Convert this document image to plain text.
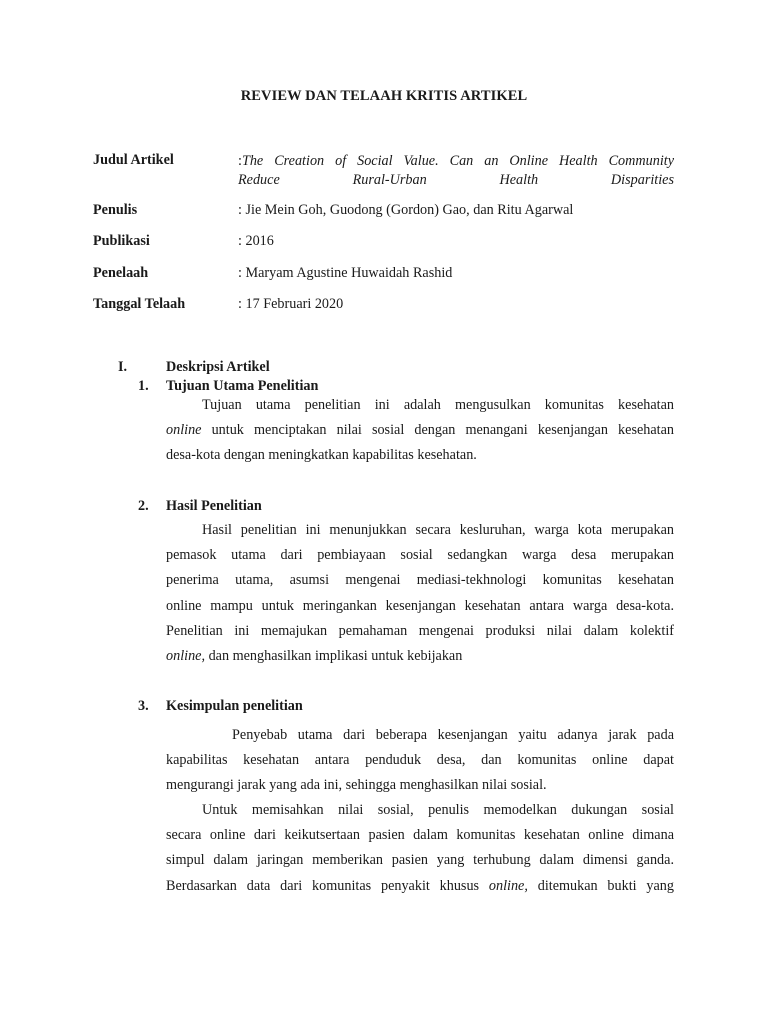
REVIEW DAN TELAAH KRITIS ARTIKEL
Judul Artikel	: The Creation of Social Value. Can an Online Health Community
Reduce Rural-Urban Health Disparities
Penulis	: Jie Mein Goh, Guodong (Gordon) Gao, dan Ritu Agarwal
Publikasi	: 2016
Penelaah	: Maryam Agustine Huwaidah Rashid
Tanggal Telaah	: 17 Februari 2020
I.	Deskripsi Artikel
1. Tujuan Utama Penelitian
Tujuan utama penelitian ini adalah mengusulkan komunitas kesehatan
online untuk menciptakan nilai sosial dengan menangani kesenjangan kesehatan
desa-kota dengan meningkatkan kapabilitas kesehatan.
2. Hasil Penelitian
Hasil penelitian ini menunjukkan secara kesluruhan, warga kota merupakan
pemasok utama dari pembiayaan sosial sedangkan warga desa merupakan
penerima utama, asumsi mengenai mediasi-tekhnologi komunitas kesehatan
online mampu untuk meringankan kesenjangan kesehatan antara warga desa-kota.
Penelitian ini memajukan pemahaman mengenai produksi nilai dalam kolektif
online, dan menghasilkan implikasi untuk kebijakan
3. Kesimpulan penelitian
Penyebab utama dari beberapa kesenjangan yaitu adanya jarak pada
kapabilitas kesehatan antara penduduk desa, dan komunitas online dapat
mengurangi jarak yang ada ini, sehingga menghasilkan nilai sosial.
Untuk memisahkan nilai sosial, penulis memodelkan dukungan sosial
secara online dari keikutsertaan pasien dalam komunitas kesehatan online dimana
simpul dalam jaringan memberikan pasien yang terhubung dalam dimensi ganda.
Berdasarkan data dari komunitas penyakit khusus online, ditemukan bukti yang
